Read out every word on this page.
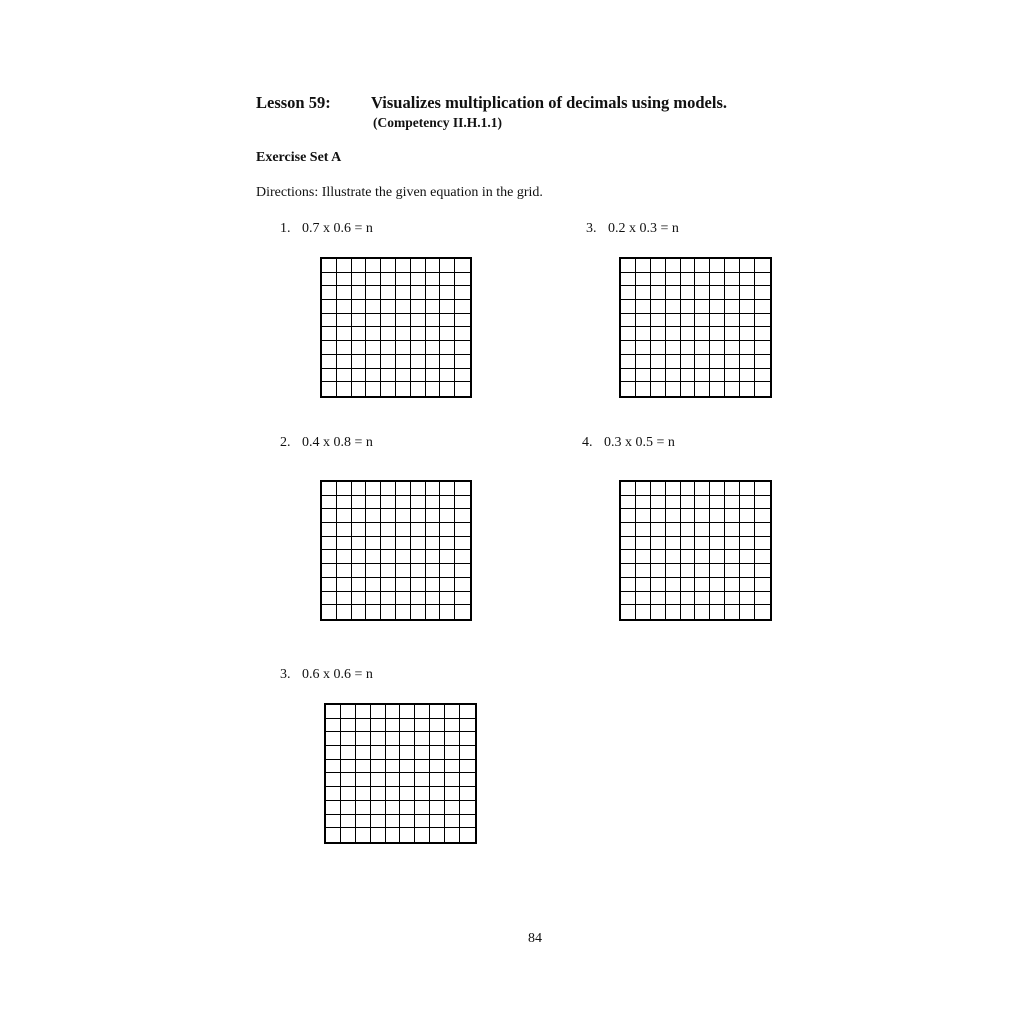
Lesson 59: Visualizes multiplication of decimals using models.
(Competency II.H.1.1)
Exercise Set A
Directions: Illustrate the given equation in the grid.
1. 0.7 x 0.6 = n	3. 0.2 x 0.3 = n
2. 0.4 x 0.8 = n	4. 0.3 x 0.5 = n
3. 0.6 x 0.6 = n
84
